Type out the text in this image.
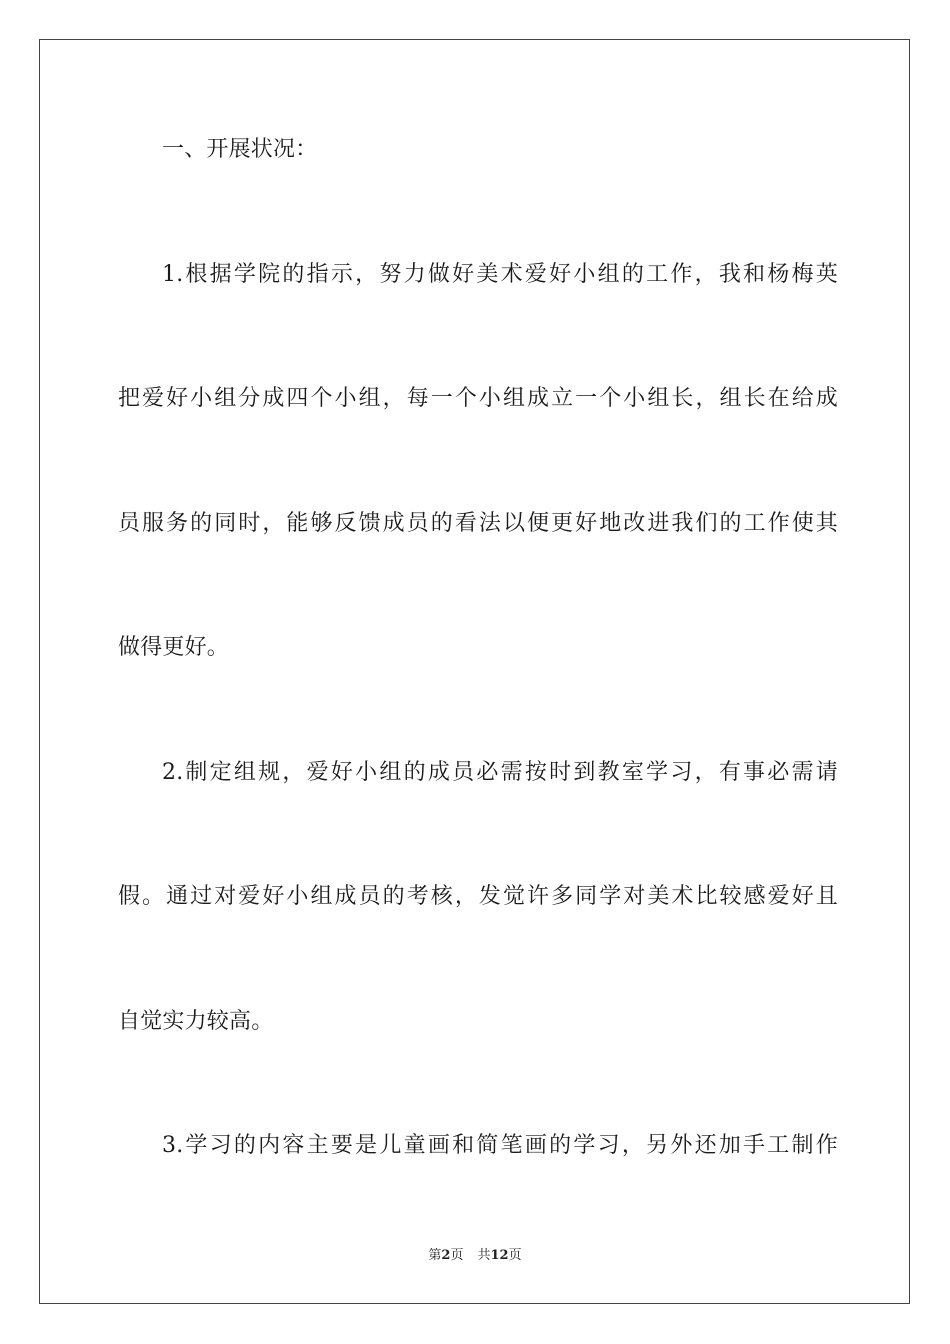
一、开展状况：
1.根据学院的指示，努力做好美术爱好小组的工作，我和杨梅英
把爱好小组分成四个小组，每一个小组成立一个小组长，组长在给成
员服务的同时，能够反馈成员的看法以便更好地改进我们的工作使其
做得更好。
2.制定组规，爱好小组的成员必需按时到教室学习，有事必需请
假。通过对爱好小组成员的考核，发觉许多同学对美术比较感爱好且
自觉实力较高。
3.学习的内容主要是儿童画和简笔画的学习，另外还加手工制作
第2页 共12页
